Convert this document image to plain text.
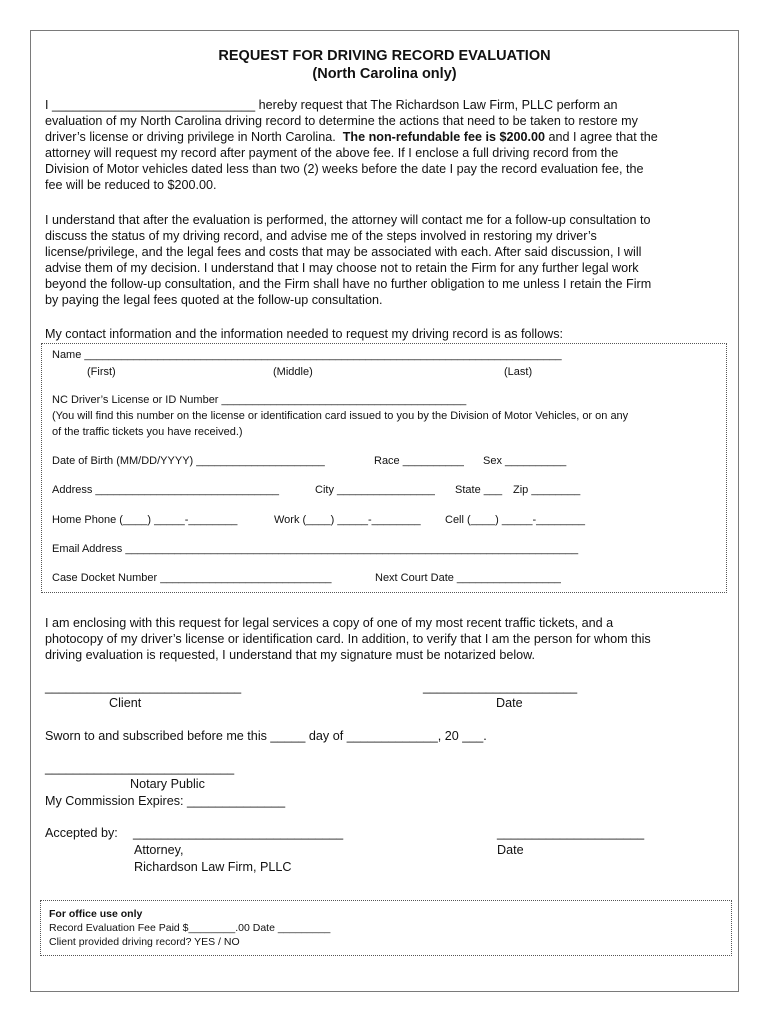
REQUEST FOR DRIVING RECORD EVALUATION
(North Carolina only)
I _____________________________ hereby request that The Richardson Law Firm, PLLC perform an
evaluation of my North Carolina driving record to determine the actions that need to be taken to restore my
driver’s license or driving privilege in North Carolina.  The non-refundable fee is $200.00 and I agree that the
attorney will request my record after payment of the above fee. If I enclose a full driving record from the
Division of Motor vehicles dated less than two (2) weeks before the date I pay the record evaluation fee, the
fee will be reduced to $200.00.
I understand that after the evaluation is performed, the attorney will contact me for a follow-up consultation to
discuss the status of my driving record, and advise me of the steps involved in restoring my driver’s
license/privilege, and the legal fees and costs that may be associated with each. After said discussion, I will
advise them of my decision. I understand that I may choose not to retain the Firm for any further legal work
beyond the follow-up consultation, and the Firm shall have no further obligation to me unless I retain the Firm
by paying the legal fees quoted at the follow-up consultation.
My contact information and the information needed to request my driving record is as follows:
Name ______________________________________________________________________________
(First)	(Middle)	(Last)
NC Driver’s License or ID Number ________________________________________
(You will find this number on the license or identification card issued to you by the Division of Motor Vehicles, or on any
of the traffic tickets you have received.)
Date of Birth (MM/DD/YYYY) _____________________	Race __________ Sex __________
Address ______________________________	City ________________ State ___ Zip ________
Home Phone (____) _____-________	Work (____) _____-________ Cell (____) _____-________
Email Address __________________________________________________________________________
Case Docket Number ____________________________	Next Court Date _________________
I am enclosing with this request for legal services a copy of one of my most recent traffic tickets, and a
photocopy of my driver’s license or identification card. In addition, to verify that I am the person for whom this
driving evaluation is requested, I understand that my signature must be notarized below.
____________________________
Client
______________________
Date
Sworn to and subscribed before me this _____ day of _____________, 20 ___.
___________________________
Notary Public
My Commission Expires: ______________
Accepted by: ______________________________
Attorney,
Richardson Law Firm, PLLC
_____________________
Date
For office use only
Record Evaluation Fee Paid $________.00 Date _________
Client provided driving record? YES / NO
